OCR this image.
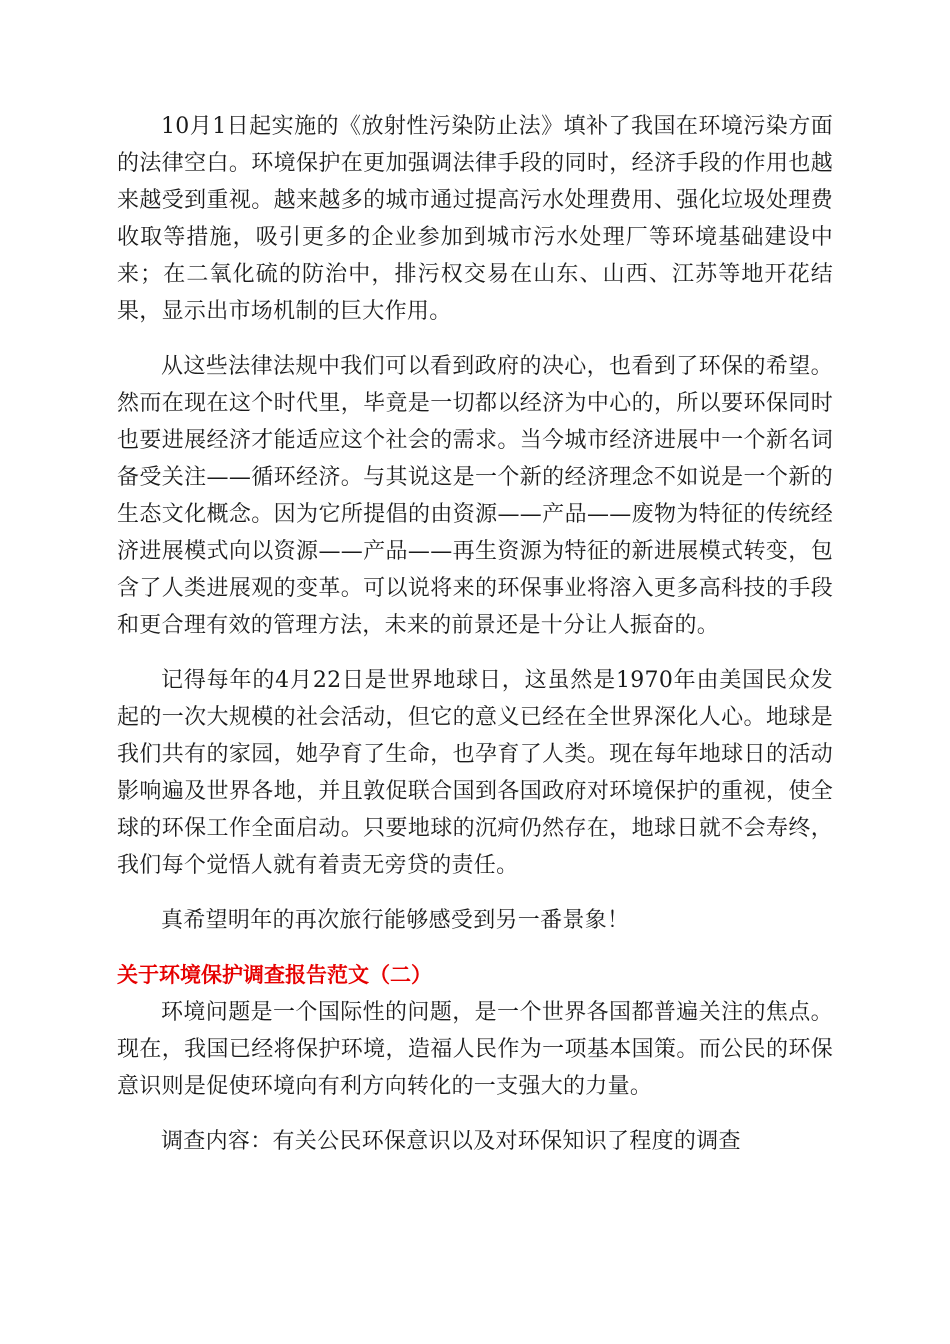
10月1日起实施的《放射性污染防止法》填补了我国在环境污染方面的法律空白。环境保护在更加强调法律手段的同时，经济手段的作用也越来越受到重视。越来越多的城市通过提高污水处理费用、强化垃圾处理费收取等措施，吸引更多的企业参加到城市污水处理厂等环境基础建设中来；在二氧化硫的防治中，排污权交易在山东、山西、江苏等地开花结果，显示出市场机制的巨大作用。

从这些法律法规中我们可以看到政府的决心，也看到了环保的希望。然而在现在这个时代里，毕竟是一切都以经济为中心的，所以要环保同时也要进展经济才能适应这个社会的需求。当今城市经济进展中一个新名词备受关注——循环经济。与其说这是一个新的经济理念不如说是一个新的生态文化概念。因为它所提倡的由资源——产品——废物为特征的传统经济进展模式向以资源——产品——再生资源为特征的新进展模式转变，包含了人类进展观的变革。可以说将来的环保事业将溶入更多高科技的手段和更合理有效的管理方法，未来的前景还是十分让人振奋的。

记得每年的4月22日是世界地球日，这虽然是1970年由美国民众发起的一次大规模的社会活动，但它的意义已经在全世界深化人心。地球是我们共有的家园，她孕育了生命，也孕育了人类。现在每年地球日的活动影响遍及世界各地，并且敦促联合国到各国政府对环境保护的重视，使全球的环保工作全面启动。只要地球的沉疴仍然存在，地球日就不会寿终，我们每个觉悟人就有着责无旁贷的责任。

真希望明年的再次旅行能够感受到另一番景象！

关于环境保护调查报告范文（二）

环境问题是一个国际性的问题，是一个世界各国都普遍关注的焦点。现在，我国已经将保护环境，造福人民作为一项基本国策。而公民的环保意识则是促使环境向有利方向转化的一支强大的力量。

调查内容：有关公民环保意识以及对环保知识了程度的调查
